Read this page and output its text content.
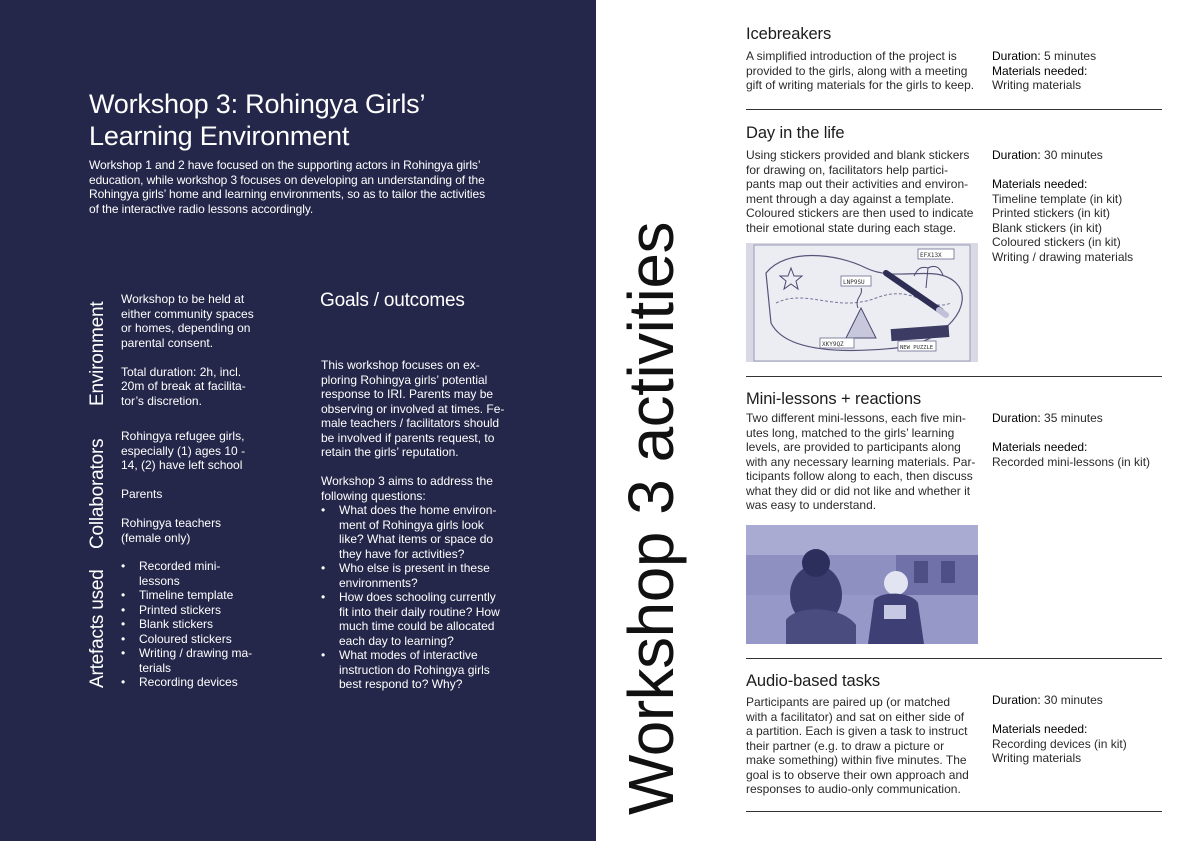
Workshop 3: Rohingya Girls’
Learning Environment
Workshop 1 and 2 have focused on the supporting actors in Rohingya girls’
education, while workshop 3 focuses on developing an understanding of the
Rohingya girls’ home and learning environments, so as to tailor the activities
of the interactive radio lessons accordingly.
Environment
Collaborators
Artefacts used

Workshop to be held at
either community spaces
or homes, depending on
parental consent.

Total duration: 2h, incl.
20m of break at facilita-
tor’s discretion.

Rohingya refugee girls,
especially (1) ages 10 -
14, (2) have left school

Parents

Rohingya teachers
(female only)

• Recorded mini-
lessons
• Timeline template
• Printed stickers
• Blank stickers
• Coloured stickers
• Writing / drawing ma-
terials
• Recording devices
Goals / outcomes

This workshop focuses on ex-
ploring Rohingya girls’ potential
response to IRI. Parents may be
observing or involved at times. Fe-
male teachers / facilitators should
be involved if parents request, to
retain the girls’ reputation.

Workshop 3 aims to address the
following questions:

• What does the home environ-
ment of Rohingya girls look
like? What items or space do
they have for activities?
• Who else is present in these
environments?
• How does schooling currently
fit into their daily routine? How
much time could be allocated
each day to learning?
• What modes of interactive
instruction do Rohingya girls
best respond to? Why?	Workshop 3 activities
Icebreakers
A simplified introduction of the project is
provided to the girls, along with a meeting
gift of writing materials for the girls to keep.
Duration: 5 minutes
Materials needed:
Writing materials
Day in the life
Using stickers provided and blank stickers
for drawing on, facilitators help partici-
pants map out their activities and environ-
ment through a day against a template.
Coloured stickers are then used to indicate
their emotional state during each stage.
Duration: 30 minutes
Materials needed:
Timeline template (in kit)
Printed stickers (in kit)
Blank stickers (in kit)
Coloured stickers (in kit)
Writing / drawing materials
LNP9SU
EFX13X
XKY9QZ	NEW PUZZLE
Mini-lessons + reactions
Two different mini-lessons, each five min-
utes long, matched to the girls’ learning
levels, are provided to participants along
with any necessary learning materials. Par-
ticipants follow along to each, then discuss
what they did or did not like and whether it
was easy to understand.
Duration: 35 minutes
Materials needed:
Recorded mini-lessons (in kit)
Audio-based tasks
Participants are paired up (or matched
with a facilitator) and sat on either side of
a partition. Each is given a task to instruct
their partner (e.g. to draw a picture or
make something) within five minutes. The
goal is to observe their own approach and
responses to audio-only communication.
Duration: 30 minutes
Materials needed:
Recording devices (in kit)
Writing materials
